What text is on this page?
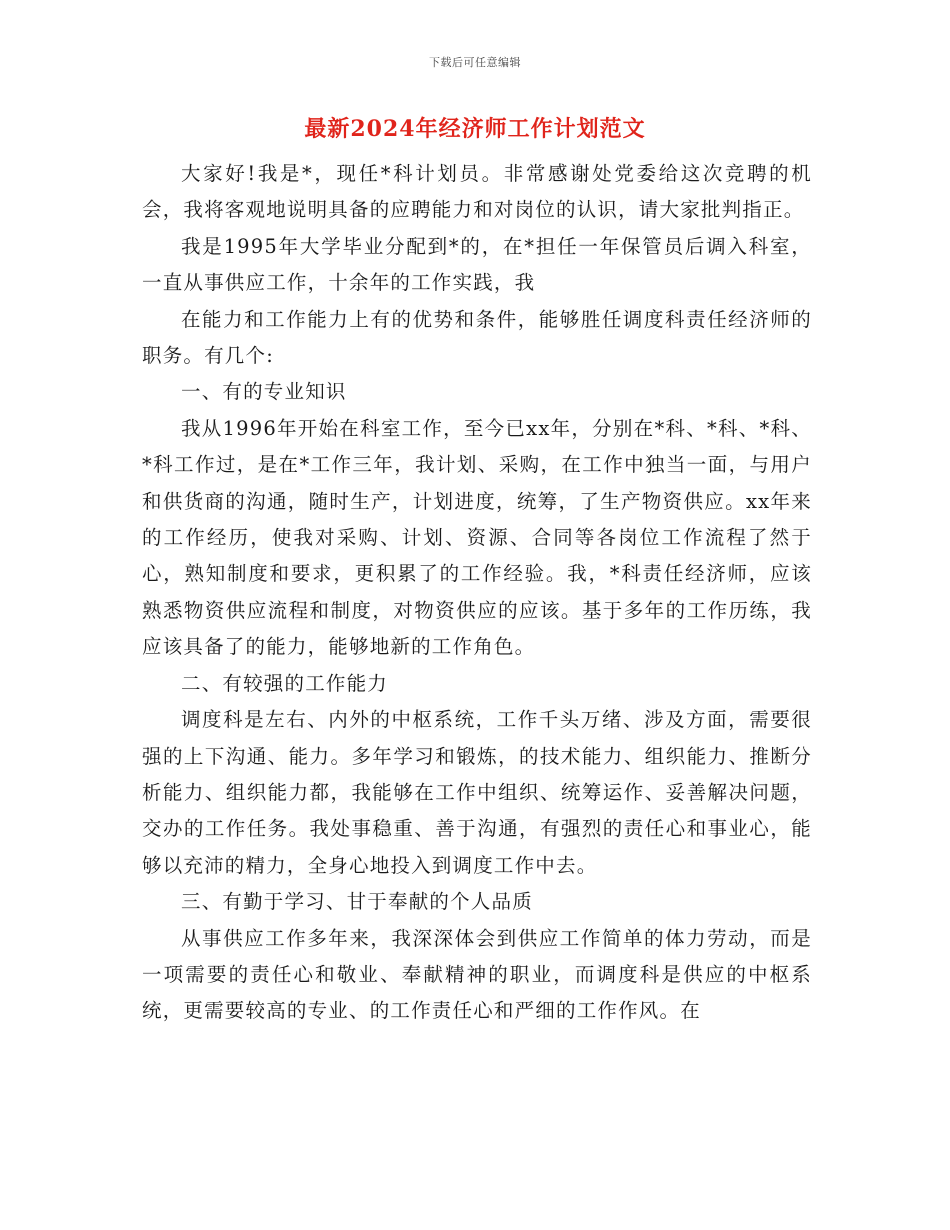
下载后可任意编辑
最新2024年经济师工作计划范文

大家好!我是*，现任*科计划员。非常感谢处党委给这次竞聘的机会，我将客观地说明具备的应聘能力和对岗位的认识，请大家批判指正。

我是1995年大学毕业分配到*的，在*担任一年保管员后调入科室，一直从事供应工作，十余年的工作实践，我

在能力和工作能力上有的优势和条件，能够胜任调度科责任经济师的职务。有几个:

一、有的专业知识

我从1996年开始在科室工作，至今已xx年，分别在*科、*科、*科、*科工作过，是在*工作三年，我计划、采购，在工作中独当一面，与用户和供货商的沟通，随时生产，计划进度，统筹，了生产物资供应。xx年来的工作经历，使我对采购、计划、资源、合同等各岗位工作流程了然于心，熟知制度和要求，更积累了的工作经验。我，*科责任经济师，应该熟悉物资供应流程和制度，对物资供应的应该。基于多年的工作历练，我应该具备了的能力，能够地新的工作角色。

二、有较强的工作能力

调度科是左右、内外的中枢系统，工作千头万绪、涉及方面，需要很强的上下沟通、能力。多年学习和锻炼，的技术能力、组织能力、推断分析能力、组织能力都，我能够在工作中组织、统筹运作、妥善解决问题，交办的工作任务。我处事稳重、善于沟通，有强烈的责任心和事业心，能够以充沛的精力，全身心地投入到调度工作中去。

三、有勤于学习、甘于奉献的个人品质

从事供应工作多年来，我深深体会到供应工作简单的体力劳动，而是一项需要的责任心和敬业、奉献精神的职业，而调度科是供应的中枢系统，更需要较高的专业、的工作责任心和严细的工作作风。在
